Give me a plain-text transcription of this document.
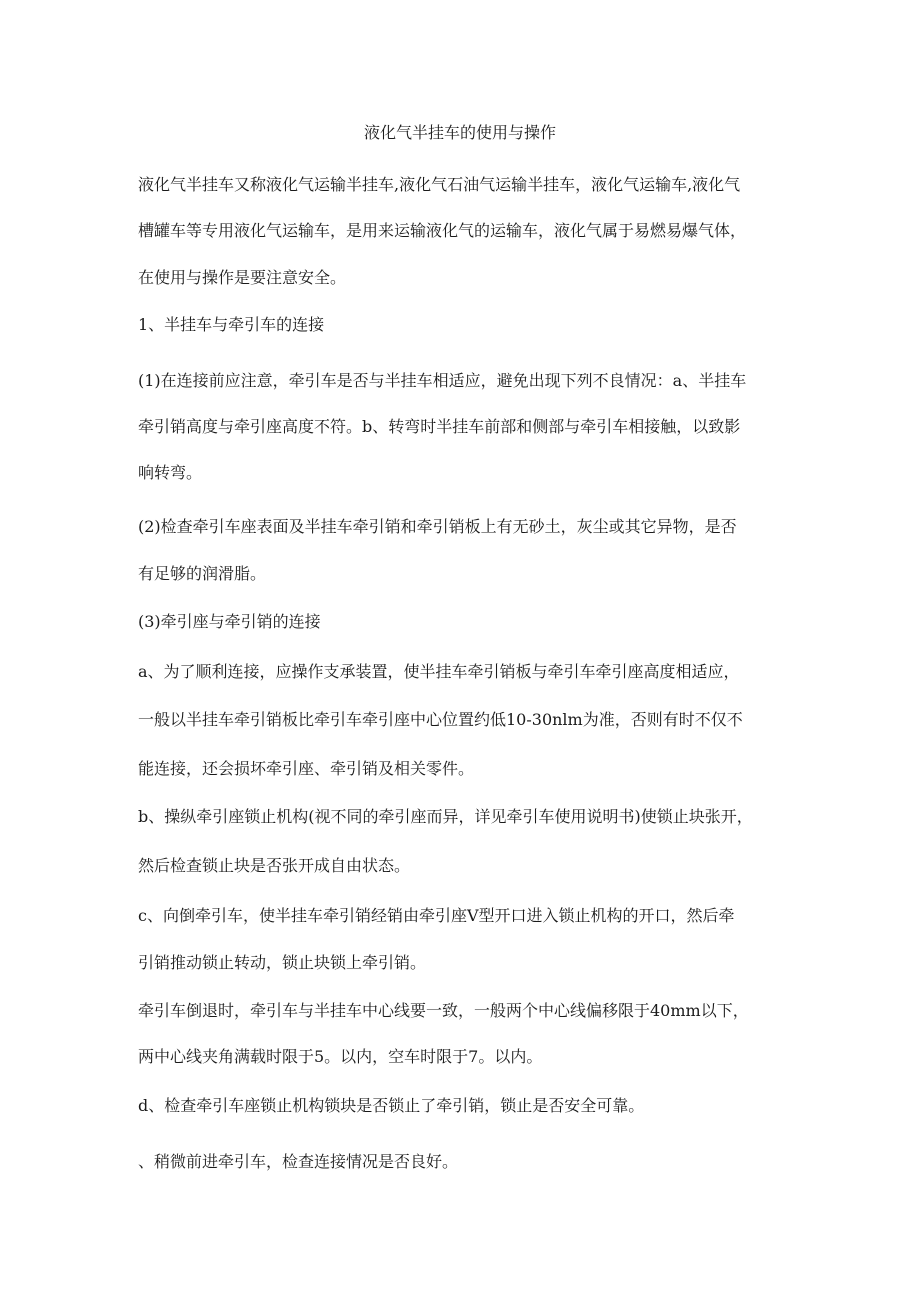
液化气半挂车的使用与操作
液化气半挂车又称液化气运输半挂车,液化气石油气运输半挂车，液化气运输车,液化气
槽罐车等专用液化气运输车，是用来运输液化气的运输车，液化气属于易燃易爆气体，
在使用与操作是要注意安全。
1、半挂车与牵引车的连接
(1)在连接前应注意，牵引车是否与半挂车相适应，避免出现下列不良情况：a、半挂车
牵引销高度与牵引座高度不符。b、转弯时半挂车前部和侧部与牵引车相接触，以致影
响转弯。
(2)检查牵引车座表面及半挂车牵引销和牵引销板上有无砂土，灰尘或其它异物，是否
有足够的润滑脂。
(3)牵引座与牵引销的连接
a、为了顺利连接，应操作支承装置，使半挂车牵引销板与牵引车牵引座高度相适应，
一般以半挂车牵引销板比牵引车牵引座中心位置约低10-30nlm为准，否则有时不仅不
能连接，还会损坏牵引座、牵引销及相关零件。
b、操纵牵引座锁止机构(视不同的牵引座而异，详见牵引车使用说明书)使锁止块张开，
然后检查锁止块是否张开成自由状态。
c、向倒牵引车，使半挂车牵引销经销由牵引座V型开口进入锁止机构的开口，然后牵
引销推动锁止转动，锁止块锁上牵引销。
牵引车倒退时，牵引车与半挂车中心线要一致，一般两个中心线偏移限于40mm以下，
两中心线夹角满载时限于5。以内，空车时限于7。以内。
d、检查牵引车座锁止机构锁块是否锁止了牵引销，锁止是否安全可靠。
、稍微前进牵引车，检查连接情况是否良好。
